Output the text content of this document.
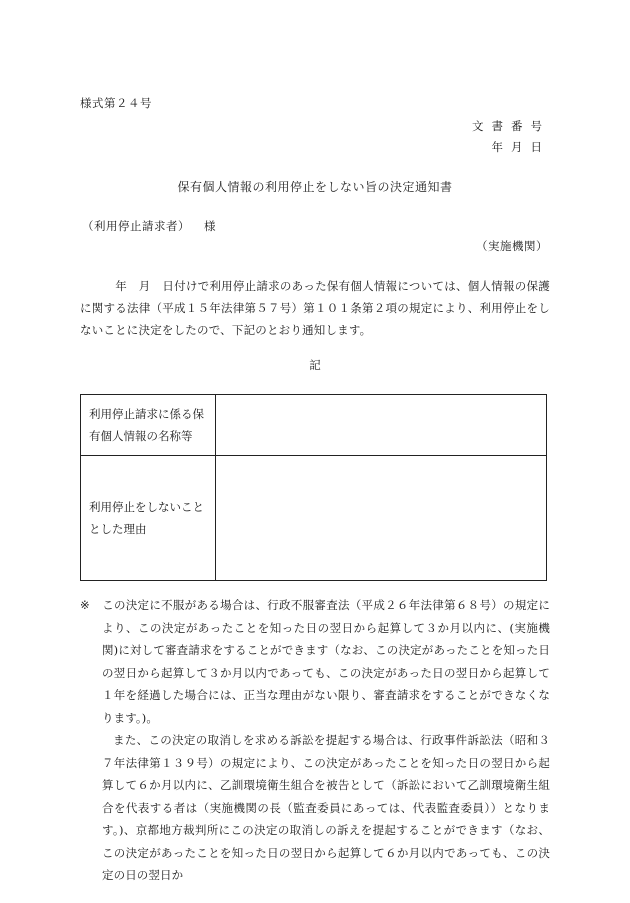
様式第２４号
文書番号
年月日
保有個人情報の利用停止をしない旨の決定通知書
（利用停止請求者） 様
（実施機関）
　　　年　月　日付けで利用停止請求のあった保有個人情報については、個人情報の保護に関する法律（平成１５年法律第５７号）第１０１条第２項の規定により、利用停止をしないことに決定をしたので、下記のとおり通知します。
記
利用停止請求に係る保有個人情報の名称等	
利用停止をしないこととした理由	

※ この決定に不服がある場合は、行政不服審査法（平成２６年法律第６８号）の規定により、この決定があったことを知った日の翌日から起算して３か月以内に、(実施機関)に対して審査請求をすることができます（なお、この決定があったことを知った日の翌日から起算して３か月以内であっても、この決定があった日の翌日から起算して１年を経過した場合には、正当な理由がない限り、審査請求をすることができなくなります。)。

また、この決定の取消しを求める訴訟を提起する場合は、行政事件訴訟法（昭和３７年法律第１３９号）の規定により、この決定があったことを知った日の翌日から起算して６か月以内に、乙訓環境衛生組合を被告として（訴訟において乙訓環境衛生組合を代表する者は（実施機関の長（監査委員にあっては、代表監査委員））となります。)、京都地方裁判所にこの決定の取消しの訴えを提起することができます（なお、この決定があったことを知った日の翌日から起算して６か月以内であっても、この決定の日の翌日か
